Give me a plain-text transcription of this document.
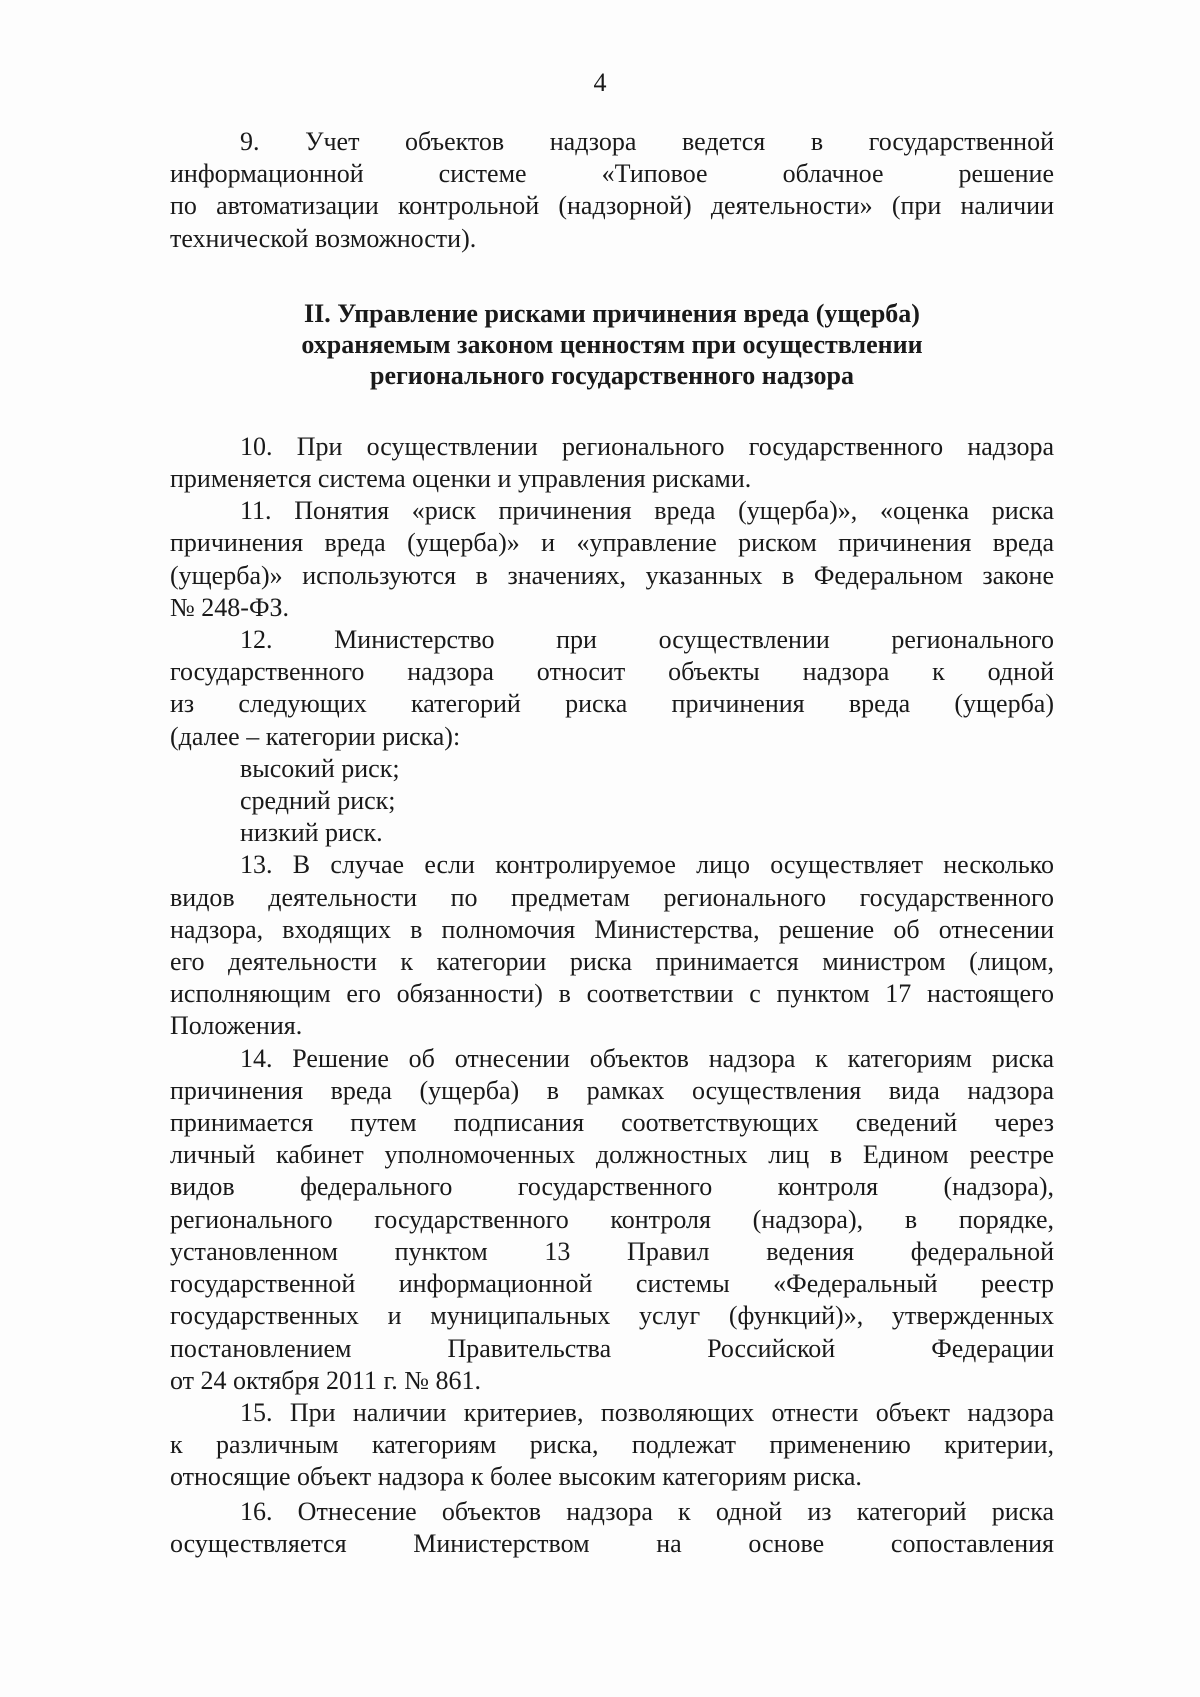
4
9. Учет объектов надзора ведется в государственной
информационной системе «Типовое облачное решение
по автоматизации контрольной (надзорной) деятельности» (при наличии
технической возможности).
II. Управление рисками причинения вреда (ущерба)
охраняемым законом ценностям при осуществлении
регионального государственного надзора
10. При осуществлении регионального государственного надзора
применяется система оценки и управления рисками.
11. Понятия «риск причинения вреда (ущерба)», «оценка риска
причинения вреда (ущерба)» и «управление риском причинения вреда
(ущерба)» используются в значениях, указанных в Федеральном законе
№ 248-ФЗ.
12. Министерство при осуществлении регионального
государственного надзора относит объекты надзора к одной
из следующих категорий риска причинения вреда (ущерба)
(далее – категории риска):

высокий риск;

средний риск;

низкий риск.

13. В случае если контролируемое лицо осуществляет несколько
видов деятельности по предметам регионального государственного
надзора, входящих в полномочия Министерства, решение об отнесении
его деятельности к категории риска принимается министром (лицом,
исполняющим его обязанности) в соответствии с пунктом 17 настоящего
Положения.
14. Решение об отнесении объектов надзора к категориям риска
причинения вреда (ущерба) в рамках осуществления вида надзора
принимается путем подписания соответствующих сведений через
личный кабинет уполномоченных должностных лиц в Едином реестре
видов федерального государственного контроля (надзора),
регионального государственного контроля (надзора), в порядке,
установленном пунктом 13 Правил ведения федеральной
государственной информационной системы «Федеральный реестр
государственных и муниципальных услуг (функций)», утвержденных
постановлением Правительства Российской Федерации
от 24 октября 2011 г. № 861.
15. При наличии критериев, позволяющих отнести объект надзора
к различным категориям риска, подлежат применению критерии,
относящие объект надзора к более высоким категориям риска.
16. Отнесение объектов надзора к одной из категорий риска
осуществляется Министерством на основе сопоставления
